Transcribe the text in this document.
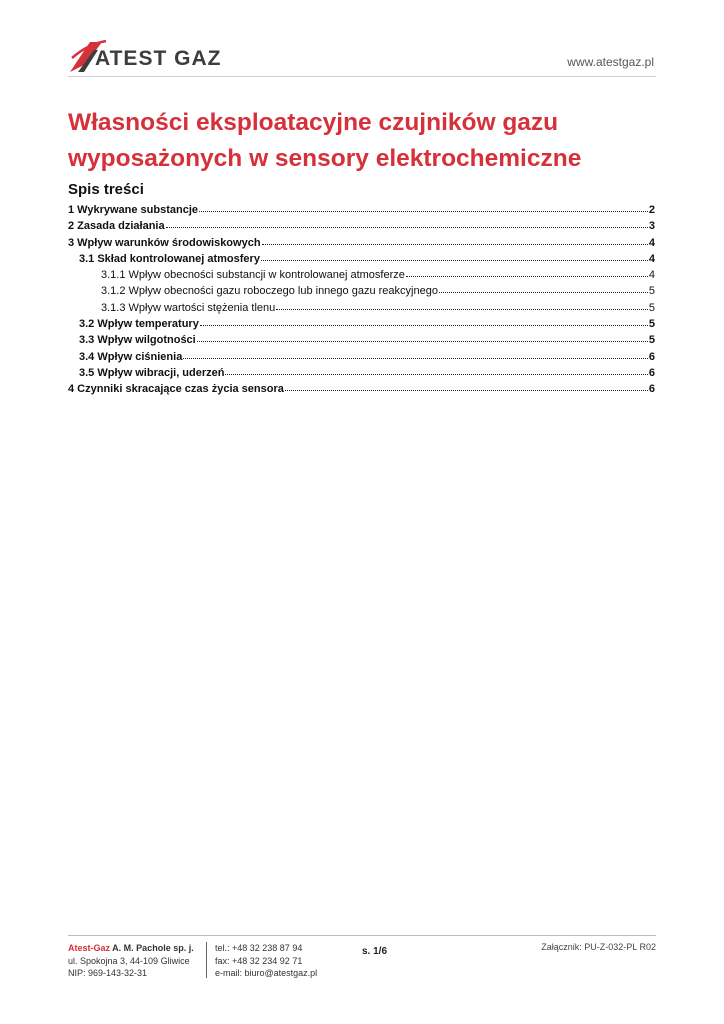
ATEST GAZ	www.atestgaz.pl
Własności eksploatacyjne czujników gazu wyposażonych w sensory elektrochemiczne
Spis treści
1 Wykrywane substancje	2
2 Zasada działania	3
3 Wpływ warunków środowiskowych	4
3.1 Skład kontrolowanej atmosfery	4
3.1.1 Wpływ obecności substancji w kontrolowanej atmosferze	4
3.1.2 Wpływ obecności gazu roboczego lub innego gazu reakcyjnego	5
3.1.3 Wpływ wartości stężenia tlenu	5
3.2 Wpływ temperatury	5
3.3 Wpływ wilgotności	5
3.4 Wpływ ciśnienia	6
3.5 Wpływ wibracji, uderzeń	6
4 Czynniki skracające czas życia sensora	6
Atest-Gaz A. M. Pachole sp. j.
ul. Spokojna 3, 44-109 Gliwice
NIP: 969-143-32-31
tel.: +48 32 238 87 94
fax: +48 32 234 92 71
e-mail: biuro@atestgaz.pl
s. 1/6	Załącznik: PU-Z-032-PL R02
